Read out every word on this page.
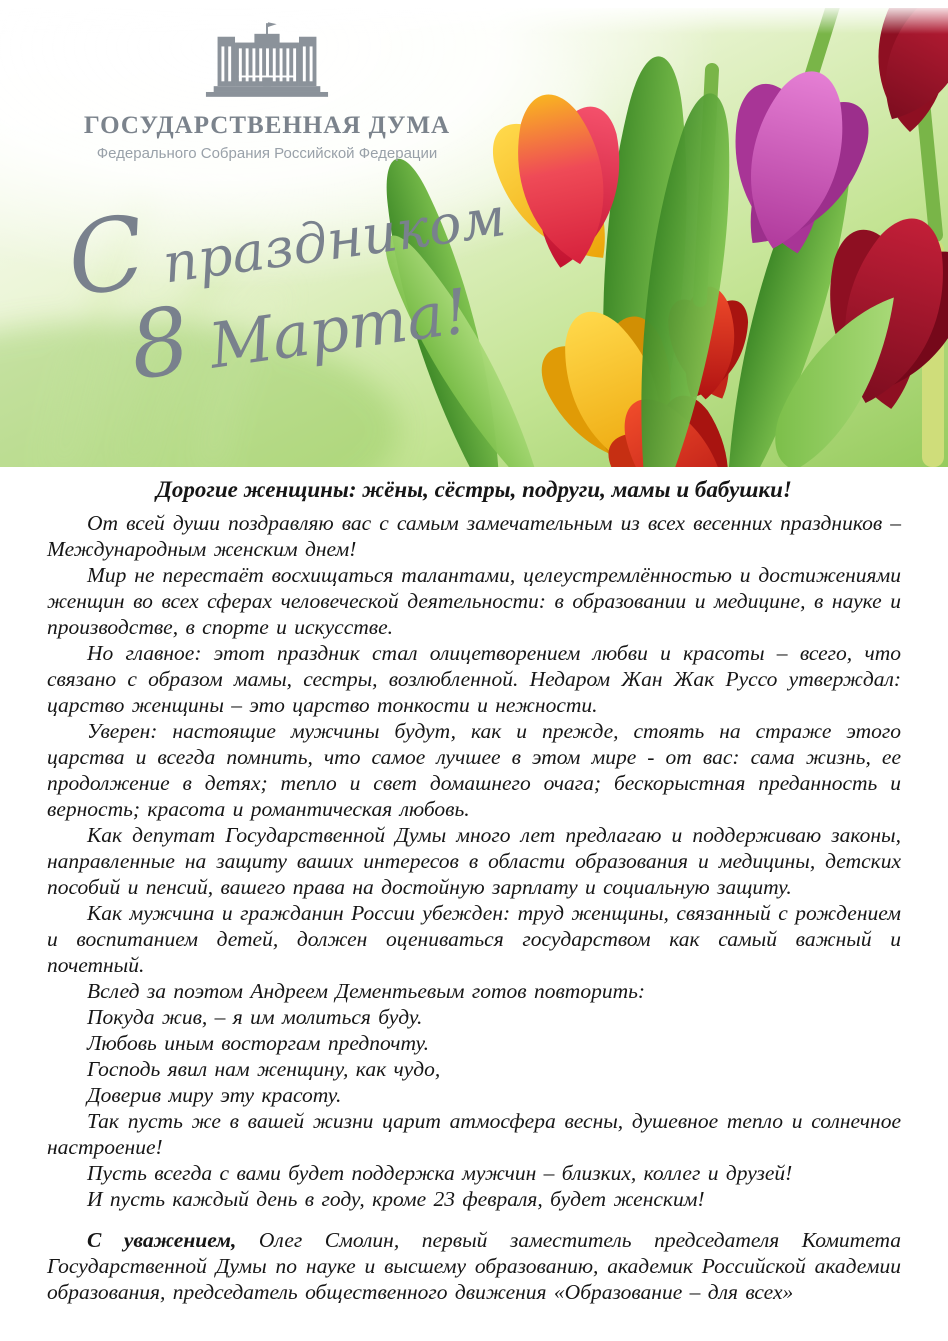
ГОСУДАРСТВЕННАЯ ДУМА
Федерального Собрания Российской Федерации
С праздником
8 Марта!
Дорогие женщины: жёны, сёстры, подруги, мамы и бабушки!

От всей души поздравляю вас с самым замечательным из всех весенних праздников – Международным женским днем!

Мир не перестаёт восхищаться талантами, целеустремлённостью и достижениями женщин во всех сферах человеческой деятельности: в образовании и медицине, в науке и производстве, в спорте и искусстве.

Но главное: этот праздник стал олицетворением любви и красоты – всего, что связано с образом мамы, сестры, возлюбленной. Недаром Жан Жак Руссо утверждал: царство женщины – это царство тонкости и нежности.

Уверен: настоящие мужчины будут, как и прежде, стоять на страже этого царства и всегда помнить, что самое лучшее в этом мире - от вас: сама жизнь, ее продолжение в детях; тепло и свет домашнего очага; бескорыстная преданность и верность; красота и романтическая любовь.

Как депутат Государственной Думы много лет предлагаю и поддерживаю законы, направленные на защиту ваших интересов в области образования и медицины, детских пособий и пенсий, вашего права на достойную зарплату и социальную защиту.

Как мужчина и гражданин России убежден: труд женщины, связанный с рождением и воспитанием детей, должен оцениваться государством как самый важный и почетный.

Вслед за поэтом Андреем Дементьевым готов повторить:

Покуда жив, – я им молиться буду.
Любовь иным восторгам предпочту.
Господь явил нам женщину, как чудо,
Доверив миру эту красоту.

Так пусть же в вашей жизни царит атмосфера весны, душевное тепло и солнечное настроение!

Пусть всегда с вами будет поддержка мужчин – близких, коллег и друзей!

И пусть каждый день в году, кроме 23 февраля, будет женским!

С уважением, Олег Смолин, первый заместитель председателя Комитета Государственной Думы по науке и высшему образованию, академик Российской академии образования, председатель общественного движения «Образование – для всех»
